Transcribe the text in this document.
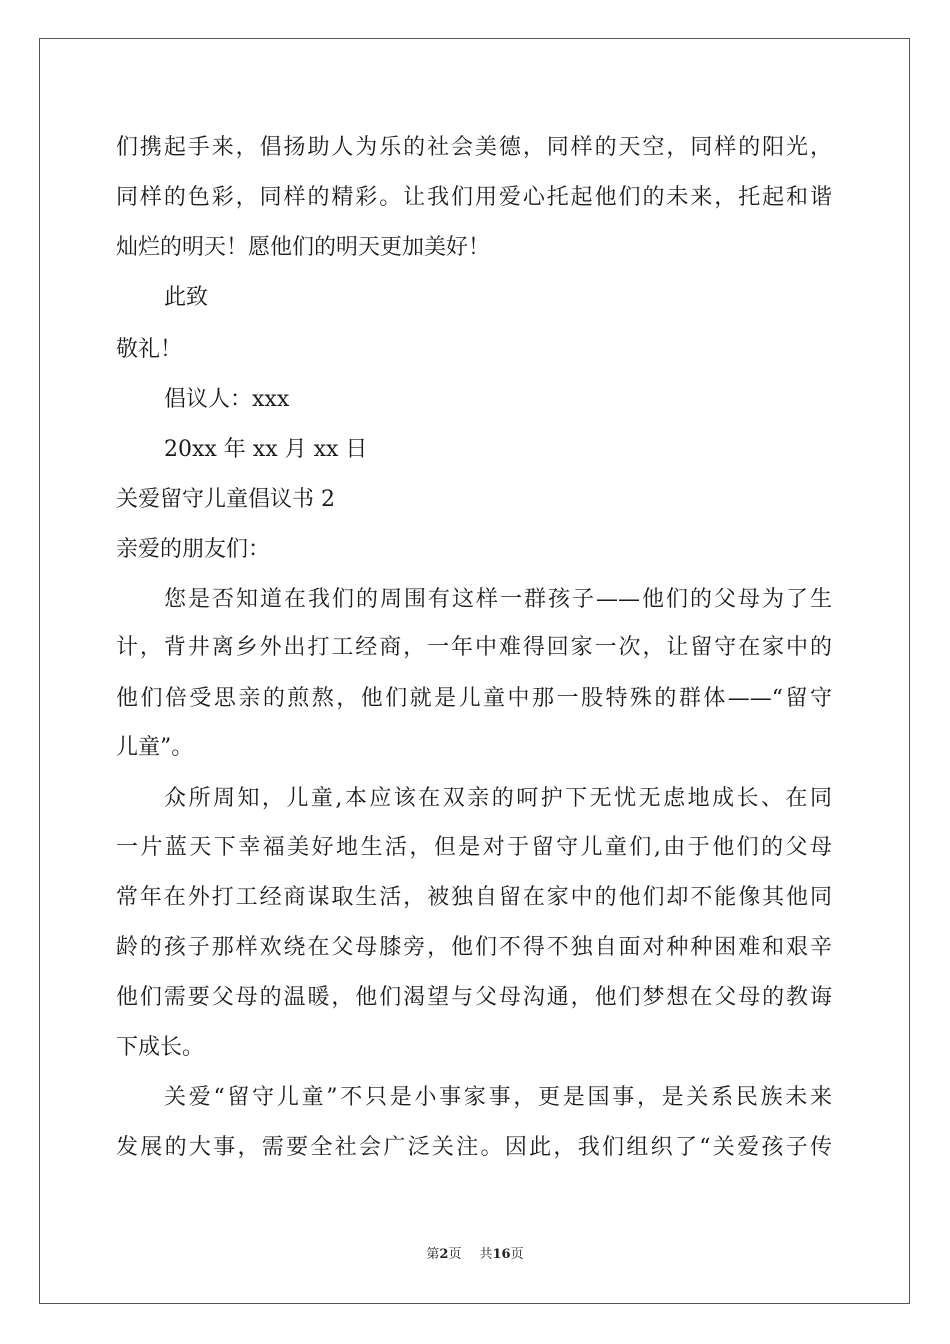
们携起手来，倡扬助人为乐的社会美德，同样的天空，同样的阳光，
同样的色彩，同样的精彩。让我们用爱心托起他们的未来，托起和谐
灿烂的明天！愿他们的明天更加美好！
此致
敬礼！
倡议人：xxx
20xx 年 xx 月 xx 日
关爱留守儿童倡议书 2
亲爱的朋友们：
您是否知道在我们的周围有这样一群孩子——他们的父母为了生
计，背井离乡外出打工经商，一年中难得回家一次，让留守在家中的
他们倍受思亲的煎熬，他们就是儿童中那一股特殊的群体——“留守
儿童”。
众所周知，儿童,本应该在双亲的呵护下无忧无虑地成长、在同
一片蓝天下幸福美好地生活，但是对于留守儿童们,由于他们的父母
常年在外打工经商谋取生活，被独自留在家中的他们却不能像其他同
龄的孩子那样欢绕在父母膝旁，他们不得不独自面对种种困难和艰辛
他们需要父母的温暖，他们渴望与父母沟通，他们梦想在父母的教诲
下成长。
关爱“留守儿童”不只是小事家事，更是国事，是关系民族未来
发展的大事，需要全社会广泛关注。因此，我们组织了“关爱孩子传
第2页 共16页
